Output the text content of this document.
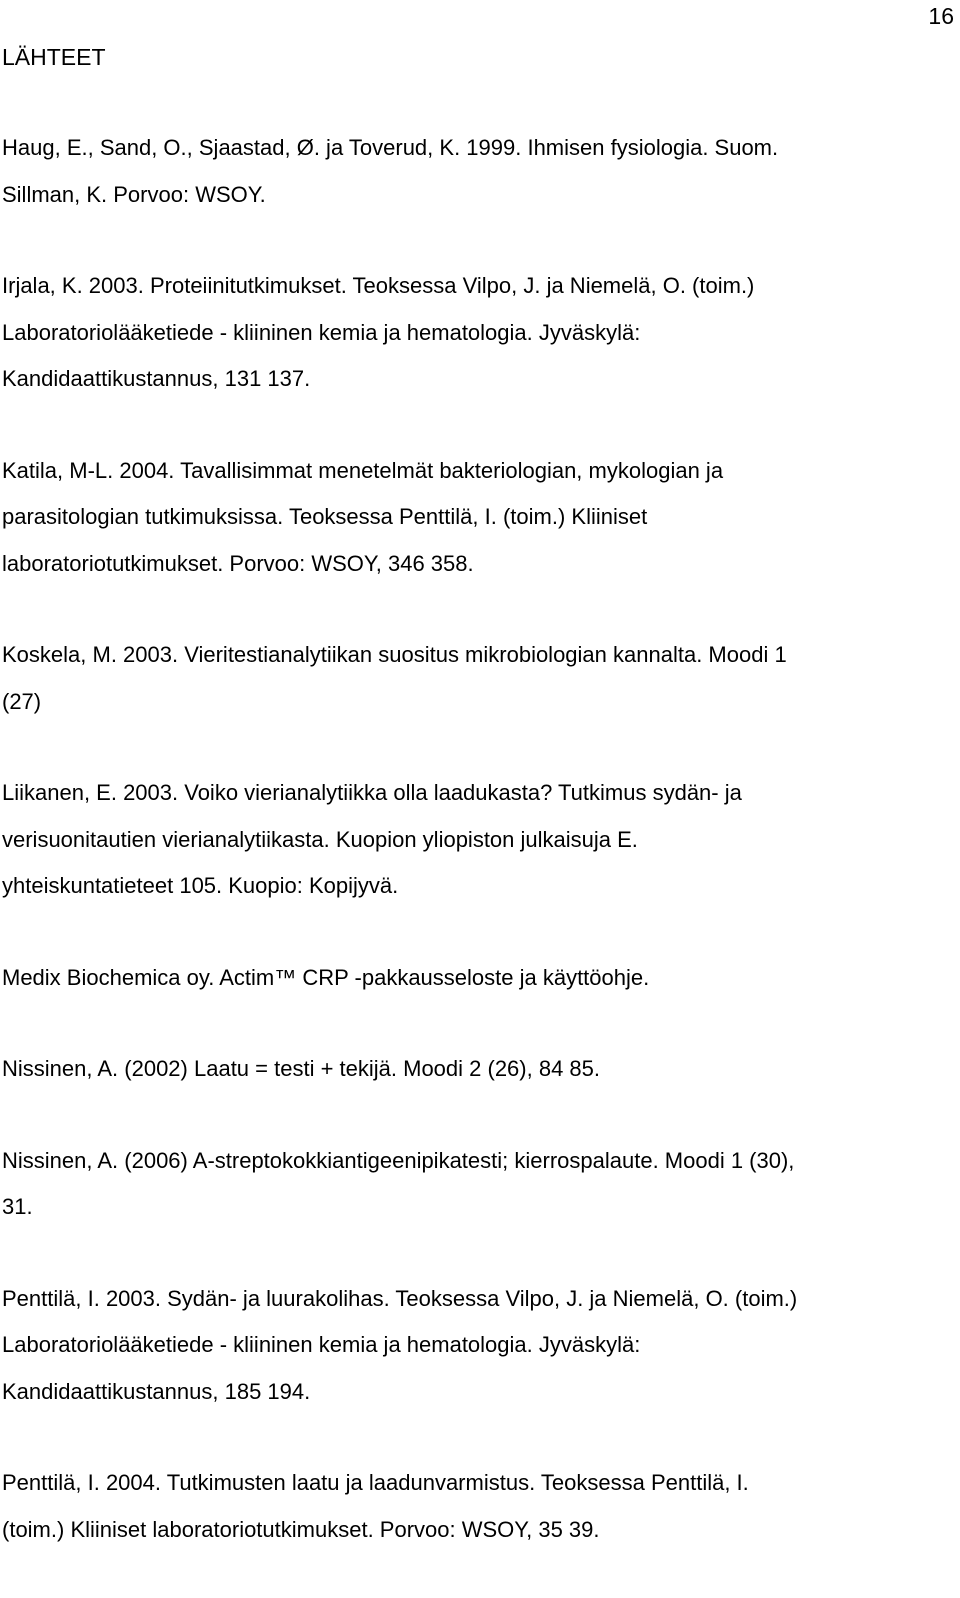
16
LÄHTEET
Haug, E., Sand, O., Sjaastad, Ø. ja Toverud, K. 1999. Ihmisen fysiologia. Suom.
Sillman, K. Porvoo: WSOY.
Irjala, K. 2003. Proteiinitutkimukset. Teoksessa Vilpo, J. ja Niemelä, O. (toim.)
Laboratoriolääketiede - kliininen kemia ja hematologia. Jyväskylä:
Kandidaattikustannus, 131 137.
Katila, M-L. 2004. Tavallisimmat menetelmät bakteriologian, mykologian ja
parasitologian tutkimuksissa. Teoksessa Penttilä, I. (toim.) Kliiniset
laboratoriotutkimukset. Porvoo: WSOY, 346 358.
Koskela, M. 2003. Vieritestianalytiikan suositus mikrobiologian kannalta. Moodi 1
(27)
Liikanen, E. 2003. Voiko vierianalytiikka olla laadukasta? Tutkimus sydän- ja
verisuonitautien vierianalytiikasta. Kuopion yliopiston julkaisuja E.
yhteiskuntatieteet 105. Kuopio: Kopijyvä.
Medix Biochemica oy. Actim™ CRP -pakkausseloste ja käyttöohje.
Nissinen, A. (2002) Laatu = testi + tekijä. Moodi 2 (26), 84 85.
Nissinen, A. (2006) A-streptokokkiantigeenipikatesti; kierrospalaute. Moodi 1 (30),
31.
Penttilä, I. 2003. Sydän- ja luurakolihas. Teoksessa Vilpo, J. ja Niemelä, O. (toim.)
Laboratoriolääketiede - kliininen kemia ja hematologia. Jyväskylä:
Kandidaattikustannus, 185 194.
Penttilä, I. 2004. Tutkimusten laatu ja laadunvarmistus. Teoksessa Penttilä, I.
(toim.) Kliiniset laboratoriotutkimukset. Porvoo: WSOY, 35 39.
